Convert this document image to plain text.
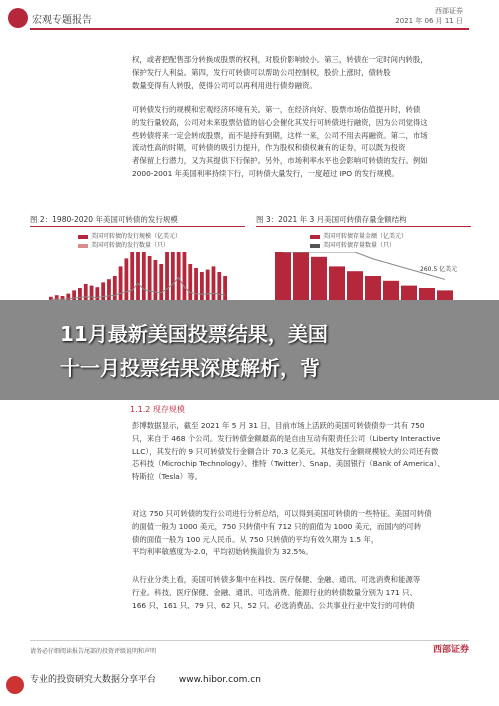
宏观专题报告
西部证券
2021 年 06 月 11 日
权，或者把配售部分转换成股票的权利，对股价影响较小。第三，转债在一定时间内转股，
保护发行人利益。第四，发行可转债可以帮助公司控制权，股价上涨时，债转股
数量变得有人转股，使得公司可以再利用进行债券融资。
可转债发行的规模和宏观经济环境有关。第一，在经济向好、股票市场估值提升时，转债
的发行量较高，公司对未来股票估值的信心会催化其发行可转债进行融资，因为公司觉得这
些转债将来一定会转成股票，而不是持有到期，这样一来，公司不用去再融资。第二，市场
流动性高的时期，可转债的吸引力提升，作为股权和债权兼有的证券，可以既为投资
者保留上行潜力，又为其提供下行保护。另外，市场利率水平也会影响可转债的发行。例如
2000-2001 年美国利率持续下行，可转债大量发行，一度超过 IPO 的发行规模。
图 2：1980-2020 年美国可转债的发行规模
美国可转债的发行规模（亿美元）
美国可转债的发行数量（只）
图 3：2021 年 3 月美国可转债存量金额结构
美国可转债存量金额（亿美元）
美国可转债存量数量（只）
260.5 亿美元
11月最新美国投票结果，美国
十一月投票结果深度解析，背
1.1.2 现存规模
彭博数据显示，截至 2021 年 5 月 31 日，目前市场上活跃的美国可转债债券一共有 750
只，来自于 468 个公司。发行转债金额最高的是自由互动有限责任公司（Liberty Interactive
LLC），其发行的 9 只可转债发行金额合计 70.3 亿美元。其他发行金额规模较大的公司还有微
芯科技（Microchip Technology）、推特（Twitter）、Snap、美国银行（Bank of America）、
特斯拉（Tesla）等。
对这 750 只可转债的发行公司进行分析总结，可以得到美国可转债的一些特征。美国可转债
的面值一般为 1000 美元，750 只转债中有 712 只的面值为 1000 美元，而国内的可转
债的面值一般为 100 元人民币。从 750 只转债的平均有效久期为 1.5 年，
平均利率敏感度为-2.0，平均初始转换溢价为 32.5%。
从行业分类上看，美国可转债多集中在科技、医疗保健、金融、通讯、可选消费和能源等
行业。科技、医疗保健、金融、通讯、可选消费、能源行业的转债数量分别为 171 只、
166 只、161 只、79 只、62 只、52 只。必选消费品、公共事业行业中发行的可转债
请务必仔细阅读报告尾部的投资评级说明和声明	西部证券
专业的投资研究大数据分享平台	www.hibor.com.cn
